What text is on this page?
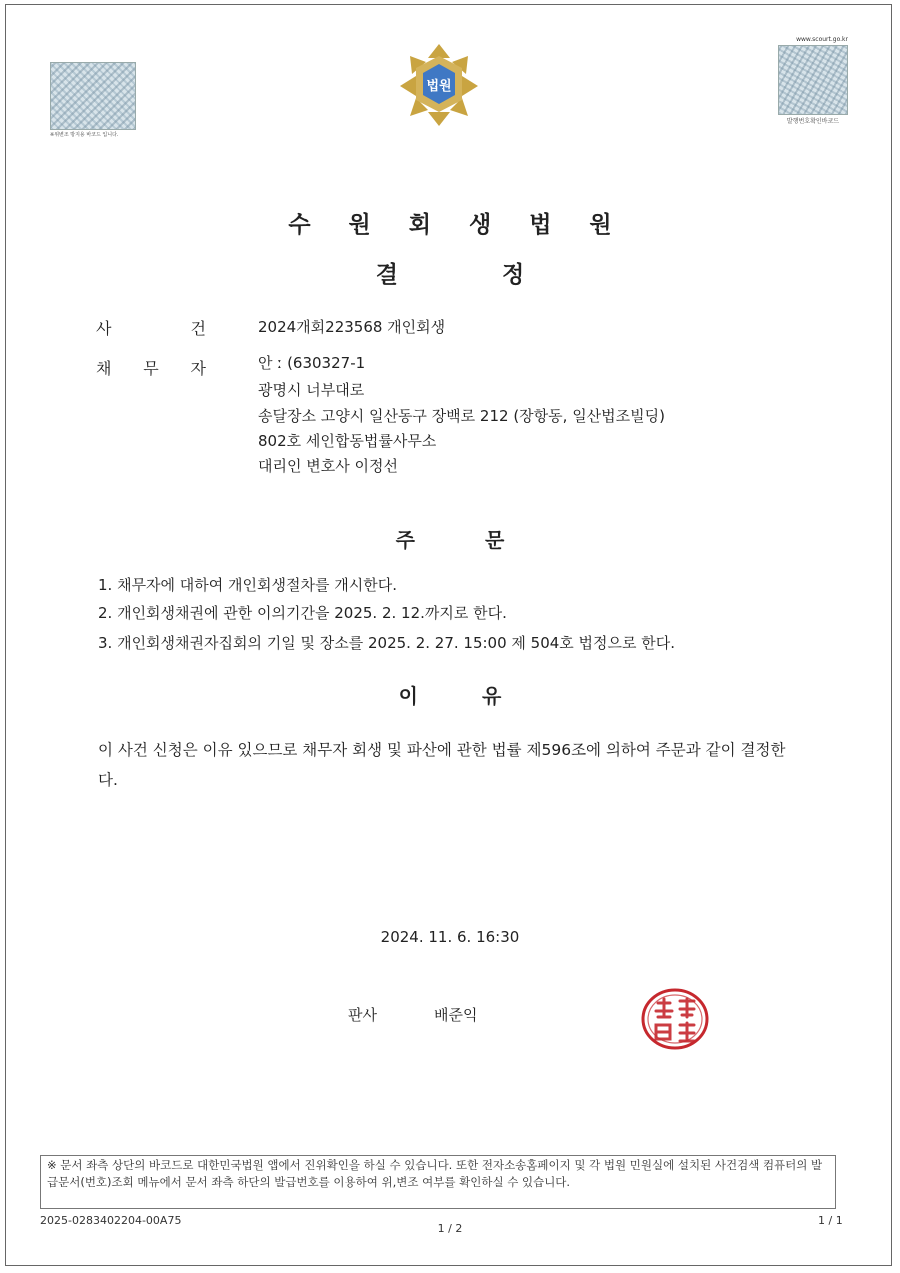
※위변조 방지용 바코드 입니다.
법원
www.scourt.go.kr
발행번호확인바코드
수원회생법원
결정
사	건	2024개회223568 개인회생
채 무 자	안 ː (630327-1
광명시 너부대로
송달장소 고양시 일산동구 장백로 212 (장항동, 일산법조빌딩)
802호 세인합동법률사무소
대리인 변호사 이정선
주문
1. 채무자에 대하여 개인회생절차를 개시한다.
2. 개인회생채권에 관한 이의기간을 2025. 2. 12.까지로 한다.
3. 개인회생채권자집회의 기일 및 장소를 2025. 2. 27. 15:00 제 504호 법정으로 한다.
이유
이 사건 신청은 이유 있으므로 채무자 회생 및 파산에 관한 법률 제596조에 의하여 주문과 같이 결정한다.
2024. 11. 6. 16:30
판사	배준익
※ 문서 좌측 상단의 바코드로 대한민국법원 앱에서 진위확인을 하실 수 있습니다. 또한 전자소송홈페이지 및 각 법원 민원실에 설치된 사건검색 컴퓨터의 발급문서(번호)조회 메뉴에서 문서 좌측 하단의 발급번호를 이용하여 위,변조 여부를 확인하실 수 있습니다.
2025-0283402204-00A75
1 / 2
1 / 1
